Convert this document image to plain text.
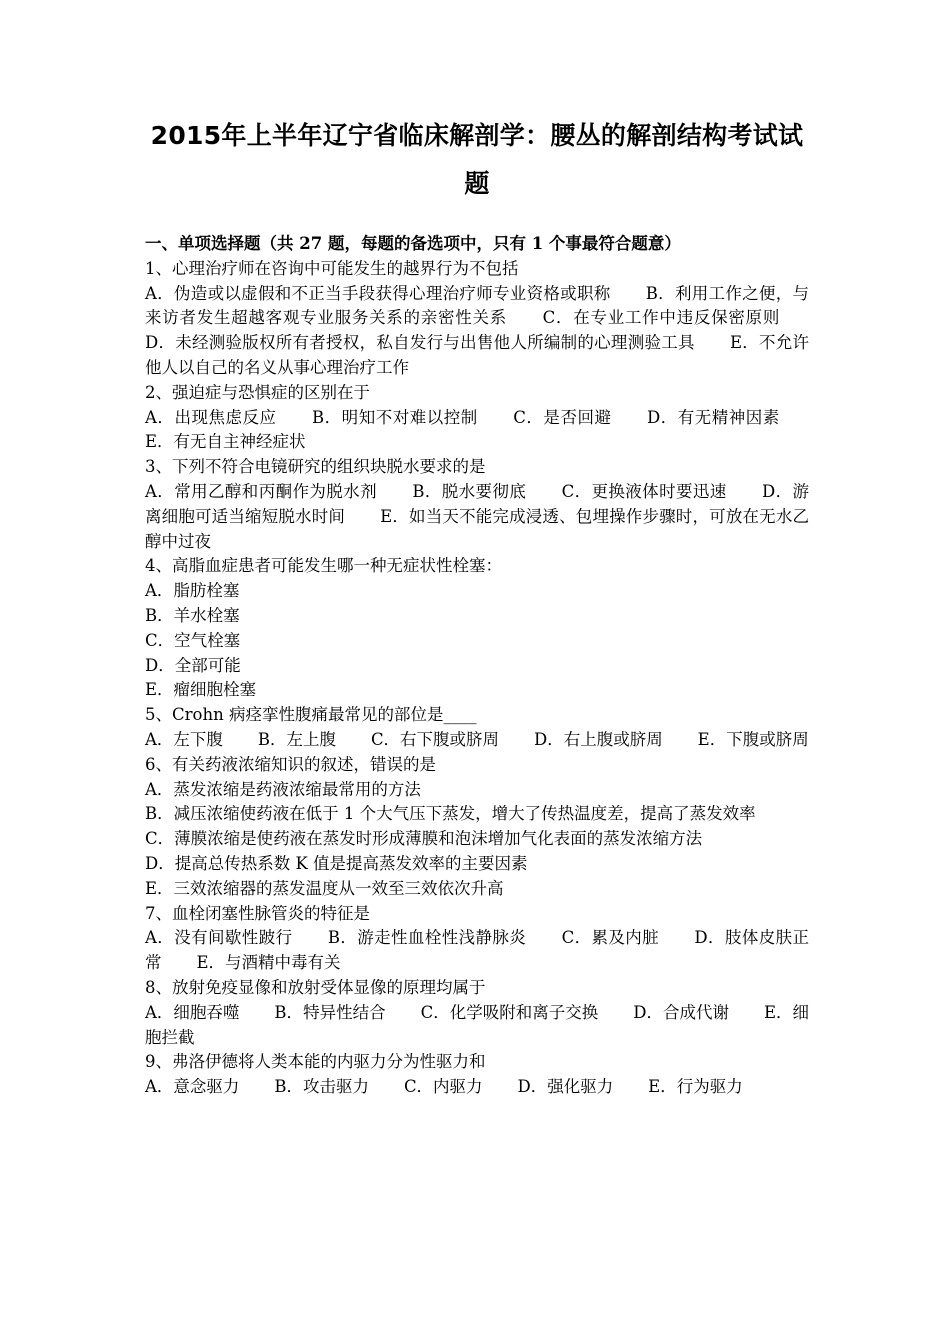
2015年上半年辽宁省临床解剖学：腰丛的解剖结构考试试题
一、单项选择题（共 27 题，每题的备选项中，只有 1 个事最符合题意）

1、心理治疗师在咨询中可能发生的越界行为不包括

A．伪造或以虚假和不正当手段获得心理治疗师专业资格或职称 B．利用工作之便，与来访者发生超越客观专业服务关系的亲密性关系 C．在专业工作中违反保密原则 D．未经测验版权所有者授权，私自发行与出售他人所编制的心理测验工具 E．不允许他人以自己的名义从事心理治疗工作

2、强迫症与恐惧症的区别在于

A．出现焦虑反应 B．明知不对难以控制 C．是否回避 D．有无精神因素 E．有无自主神经症状

3、下列不符合电镜研究的组织块脱水要求的是

A．常用乙醇和丙酮作为脱水剂 B．脱水要彻底 C．更换液体时要迅速 D．游离细胞可适当缩短脱水时间 E．如当天不能完成浸透、包埋操作步骤时，可放在无水乙醇中过夜

4、高脂血症患者可能发生哪一种无症状性栓塞：

A．脂肪栓塞

B．羊水栓塞

C．空气栓塞

D．全部可能

E．瘤细胞栓塞

5、Crohn 病痉挛性腹痛最常见的部位是____

A．左下腹 B．左上腹 C．右下腹或脐周 D．右上腹或脐周 E．下腹或脐周

6、有关药液浓缩知识的叙述，错误的是

A．蒸发浓缩是药液浓缩最常用的方法

B．减压浓缩使药液在低于 1 个大气压下蒸发，增大了传热温度差，提高了蒸发效率

C．薄膜浓缩是使药液在蒸发时形成薄膜和泡沫增加气化表面的蒸发浓缩方法

D．提高总传热系数 K 值是提高蒸发效率的主要因素

E．三效浓缩器的蒸发温度从一效至三效依次升高

7、血栓闭塞性脉管炎的特征是

A．没有间歇性跛行 B．游走性血栓性浅静脉炎 C．累及内脏 D．肢体皮肤正常 E．与酒精中毒有关

8、放射免疫显像和放射受体显像的原理均属于

A．细胞吞噬 B．特异性结合 C．化学吸附和离子交换 D．合成代谢 E．细胞拦截

9、弗洛伊德将人类本能的内驱力分为性驱力和

A．意念驱力 B．攻击驱力 C．内驱力 D．强化驱力 E．行为驱力
